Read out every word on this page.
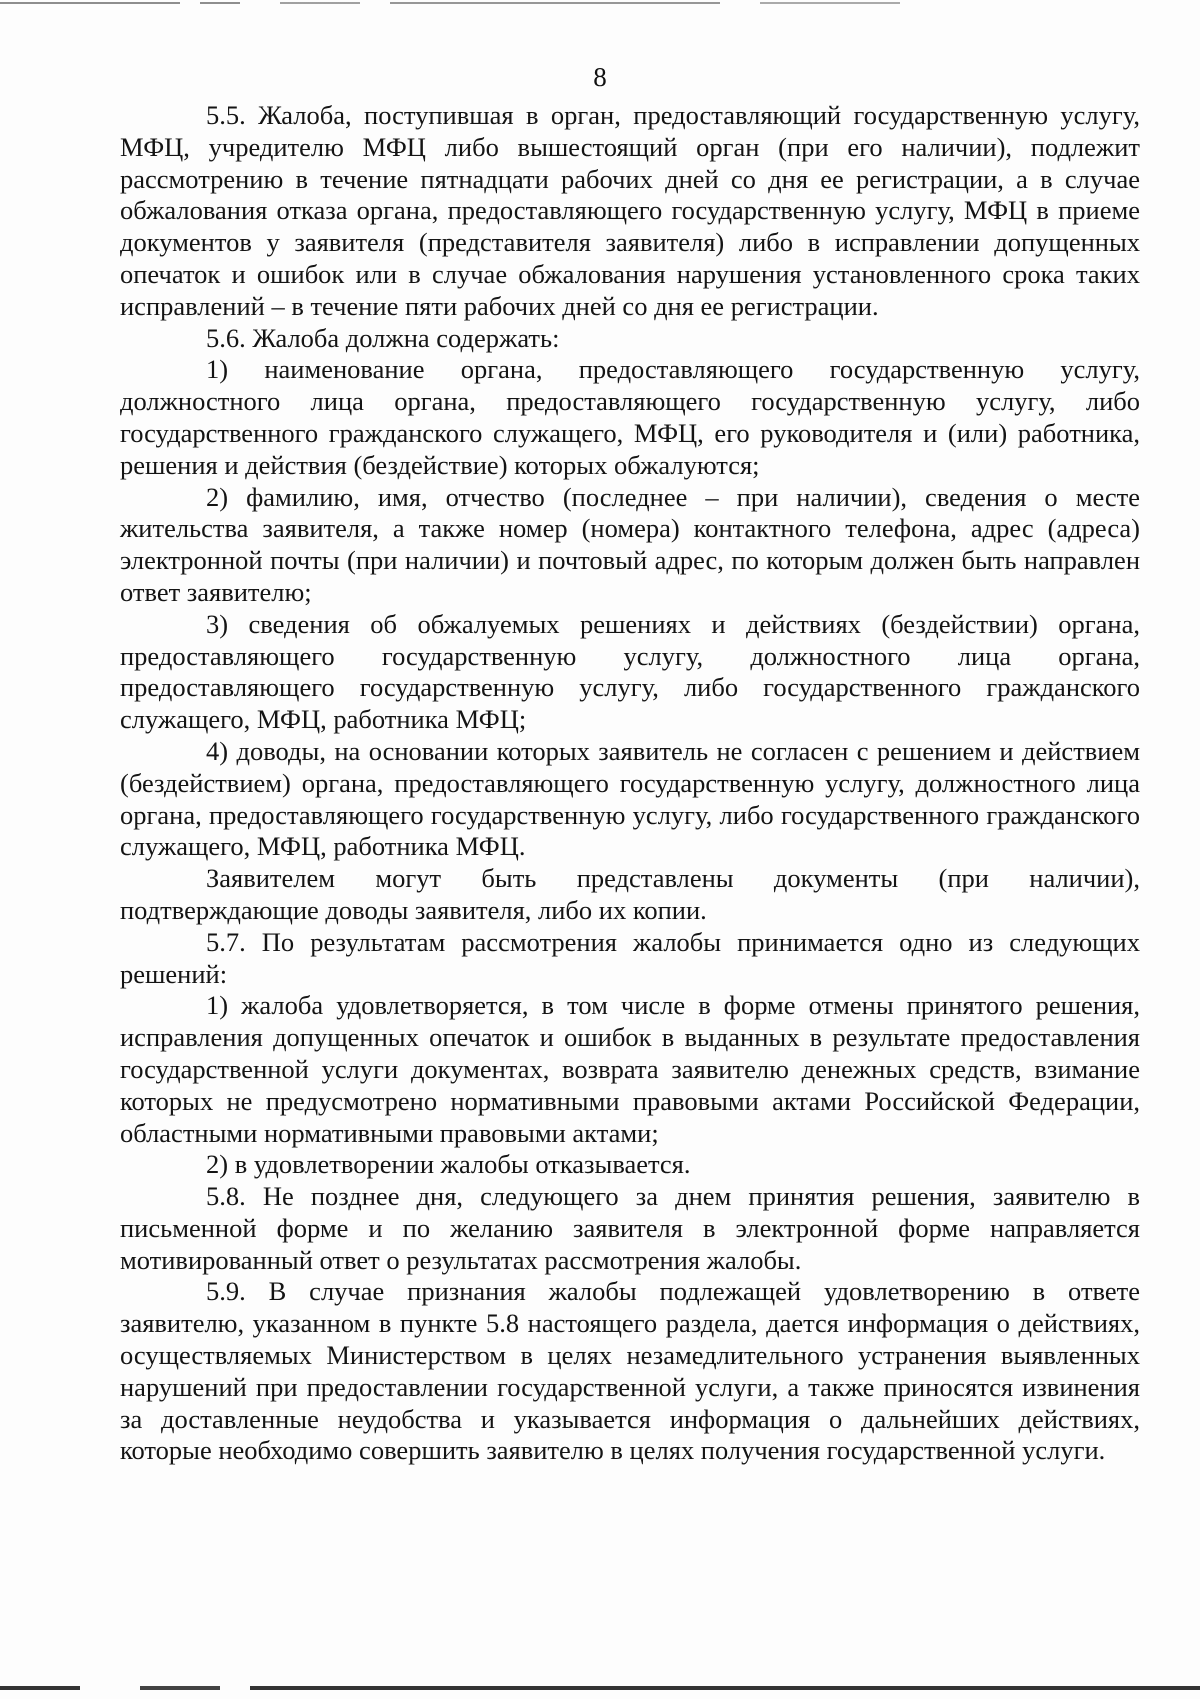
8

5.5. Жалоба, поступившая в орган, предоставляющий государственную услугу, МФЦ, учредителю МФЦ либо вышестоящий орган (при его наличии), подлежит рассмотрению в течение пятнадцати рабочих дней со дня ее регистрации, а в случае обжалования отказа органа, предоставляющего государственную услугу, МФЦ в приеме документов у заявителя (представителя заявителя) либо в исправлении допущенных опечаток и ошибок или в случае обжалования нарушения установленного срока таких исправлений – в течение пяти рабочих дней со дня ее регистрации.

5.6. Жалоба должна содержать:

1) наименование органа, предоставляющего государственную услугу, должностного лица органа, предоставляющего государственную услугу, либо государственного гражданского служащего, МФЦ, его руководителя и (или) работника, решения и действия (бездействие) которых обжалуются;

2) фамилию, имя, отчество (последнее – при наличии), сведения о месте жительства заявителя, а также номер (номера) контактного телефона, адрес (адреса) электронной почты (при наличии) и почтовый адрес, по которым должен быть направлен ответ заявителю;

3) сведения об обжалуемых решениях и действиях (бездействии) органа, предоставляющего государственную услугу, должностного лица органа, предоставляющего государственную услугу, либо государственного гражданского служащего, МФЦ, работника МФЦ;

4) доводы, на основании которых заявитель не согласен с решением и действием (бездействием) органа, предоставляющего государственную услугу, должностного лица органа, предоставляющего государственную услугу, либо государственного гражданского служащего, МФЦ, работника МФЦ.

Заявителем могут быть представлены документы (при наличии), подтверждающие доводы заявителя, либо их копии.

5.7. По результатам рассмотрения жалобы принимается одно из следующих решений:

1) жалоба удовлетворяется, в том числе в форме отмены принятого решения, исправления допущенных опечаток и ошибок в выданных в результате предоставления государственной услуги документах, возврата заявителю денежных средств, взимание которых не предусмотрено нормативными правовыми актами Российской Федерации, областными нормативными правовыми актами;

2) в удовлетворении жалобы отказывается.

5.8. Не позднее дня, следующего за днем принятия решения, заявителю в письменной форме и по желанию заявителя в электронной форме направляется мотивированный ответ о результатах рассмотрения жалобы.

5.9. В случае признания жалобы подлежащей удовлетворению в ответе заявителю, указанном в пункте 5.8 настоящего раздела, дается информация о действиях, осуществляемых Министерством в целях незамедлительного устранения выявленных нарушений при предоставлении государственной услуги, а также приносятся извинения за доставленные неудобства и указывается информация о дальнейших действиях, которые необходимо совершить заявителю в целях получения государственной услуги.
